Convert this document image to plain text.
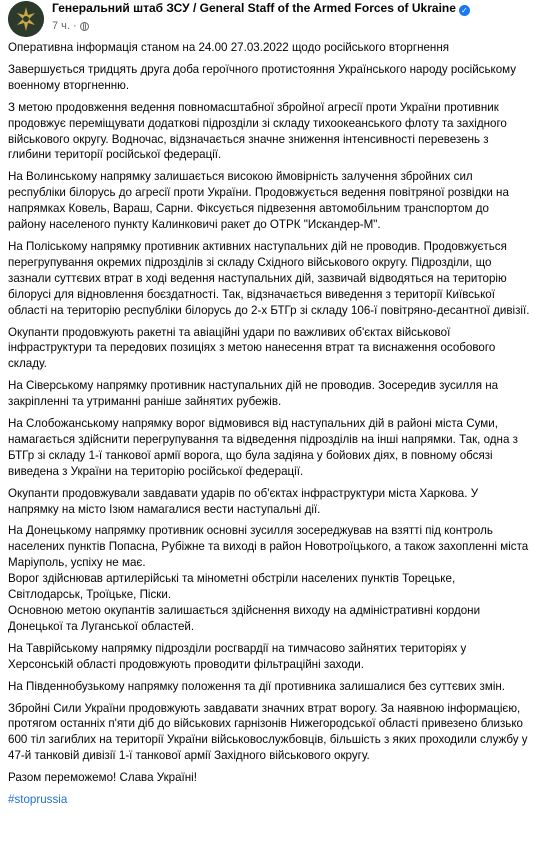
Генеральний штаб ЗСУ / General Staff of the Armed Forces of Ukraine ✓
7 ч. ·

Оперативна інформація станом на 24.00 27.03.2022 щодо російського вторгнення

Завершується тридцять друга доба героїчного протистояння Українського народу російському военному вторгненню.

З метою продовження ведення повномасштабної збройної агресії проти України противник продовжує переміщувати додаткові підрозділи зі складу тихоокеанського флоту та західного військового округу. Водночас, відзначається значне зниження інтенсивності перевезень з глибини території російської федерації.

На Волинському напрямку залишається високою ймовірність залучення збройних сил республіки білорусь до агресії проти України. Продовжується ведення повітряної розвідки на напрямках Ковель, Вараш, Сарни. Фіксується підвезення автомобільним транспортом до району населеного пункту Калинковичі ракет до ОТРК "Искандер-М".

На Поліському напрямку противник активних наступальних дій не проводив. Продовжується перегрупування окремих підрозділів зі складу Східного військового округу. Підрозділи, що зазнали суттєвих втрат в ході ведення наступальних дій, зазвичай відводяться на територію білорусі для відновлення боєздатності. Так, відзначається виведення з території Київської області на територію республіки білорусь до 2-х БТГр зі складу 106-ї повітряно-десантної дивізії.

Окупанти продовжують ракетні та авіаційні удари по важливих об'єктах військової інфраструктури та передових позиціях з метою нанесення втрат та виснаження особового складу.

На Сіверському напрямку противник наступальних дій не проводив. Зосередив зусилля на закріпленні та утриманні раніше зайнятих рубежів.

На Слобожанському напрямку ворог відмовився від наступальних дій в районі міста Суми, намагається здійснити перегрупування та відведення підрозділів на інші напрямки. Так, одна з БТГр зі складу 1-ї танкової армії ворога, що була задіяна у бойових діях, в повному обсязі виведена з України на територію російської федерації.

Окупанти продовжували завдавати ударів по об'єктах інфраструктури міста Харкова. У напрямку на місто Ізюм намагалися вести наступальні дії.

На Донецькому напрямку противник основні зусилля зосереджував на взятті під контроль населених пунктів Попасна, Рубіжне та виході в район Новотроїцького, а також захопленні міста Маріуполь, успіху не має.

Ворог здійснював артилерійські та мінометні обстріли населених пунктів Торецьке, Світлодарськ, Троїцьке, Піски.

Основною метою окупантів залишається здійснення виходу на адміністративні кордони Донецької та Луганської областей.

На Таврійському напрямку підрозділи росгвардії на тимчасово зайнятих територіях у Херсонській області продовжують проводити фільтраційні заходи.

На Південнобузькому напрямку положення та дії противника залишалися без суттєвих змін.

Збройні Сили України продовжують завдавати значних втрат ворогу. За наявною інформацією, протягом останніх п'яти діб до військових гарнізонів Нижегородської області привезено близько 600 тіл загиблих на території України військовослужбовців, більшість з яких проходили службу у 47-й танковій дивізії 1-ї танкової армії Західного військового округу.

Разом переможемо! Слава Україні!

#stoprussia
